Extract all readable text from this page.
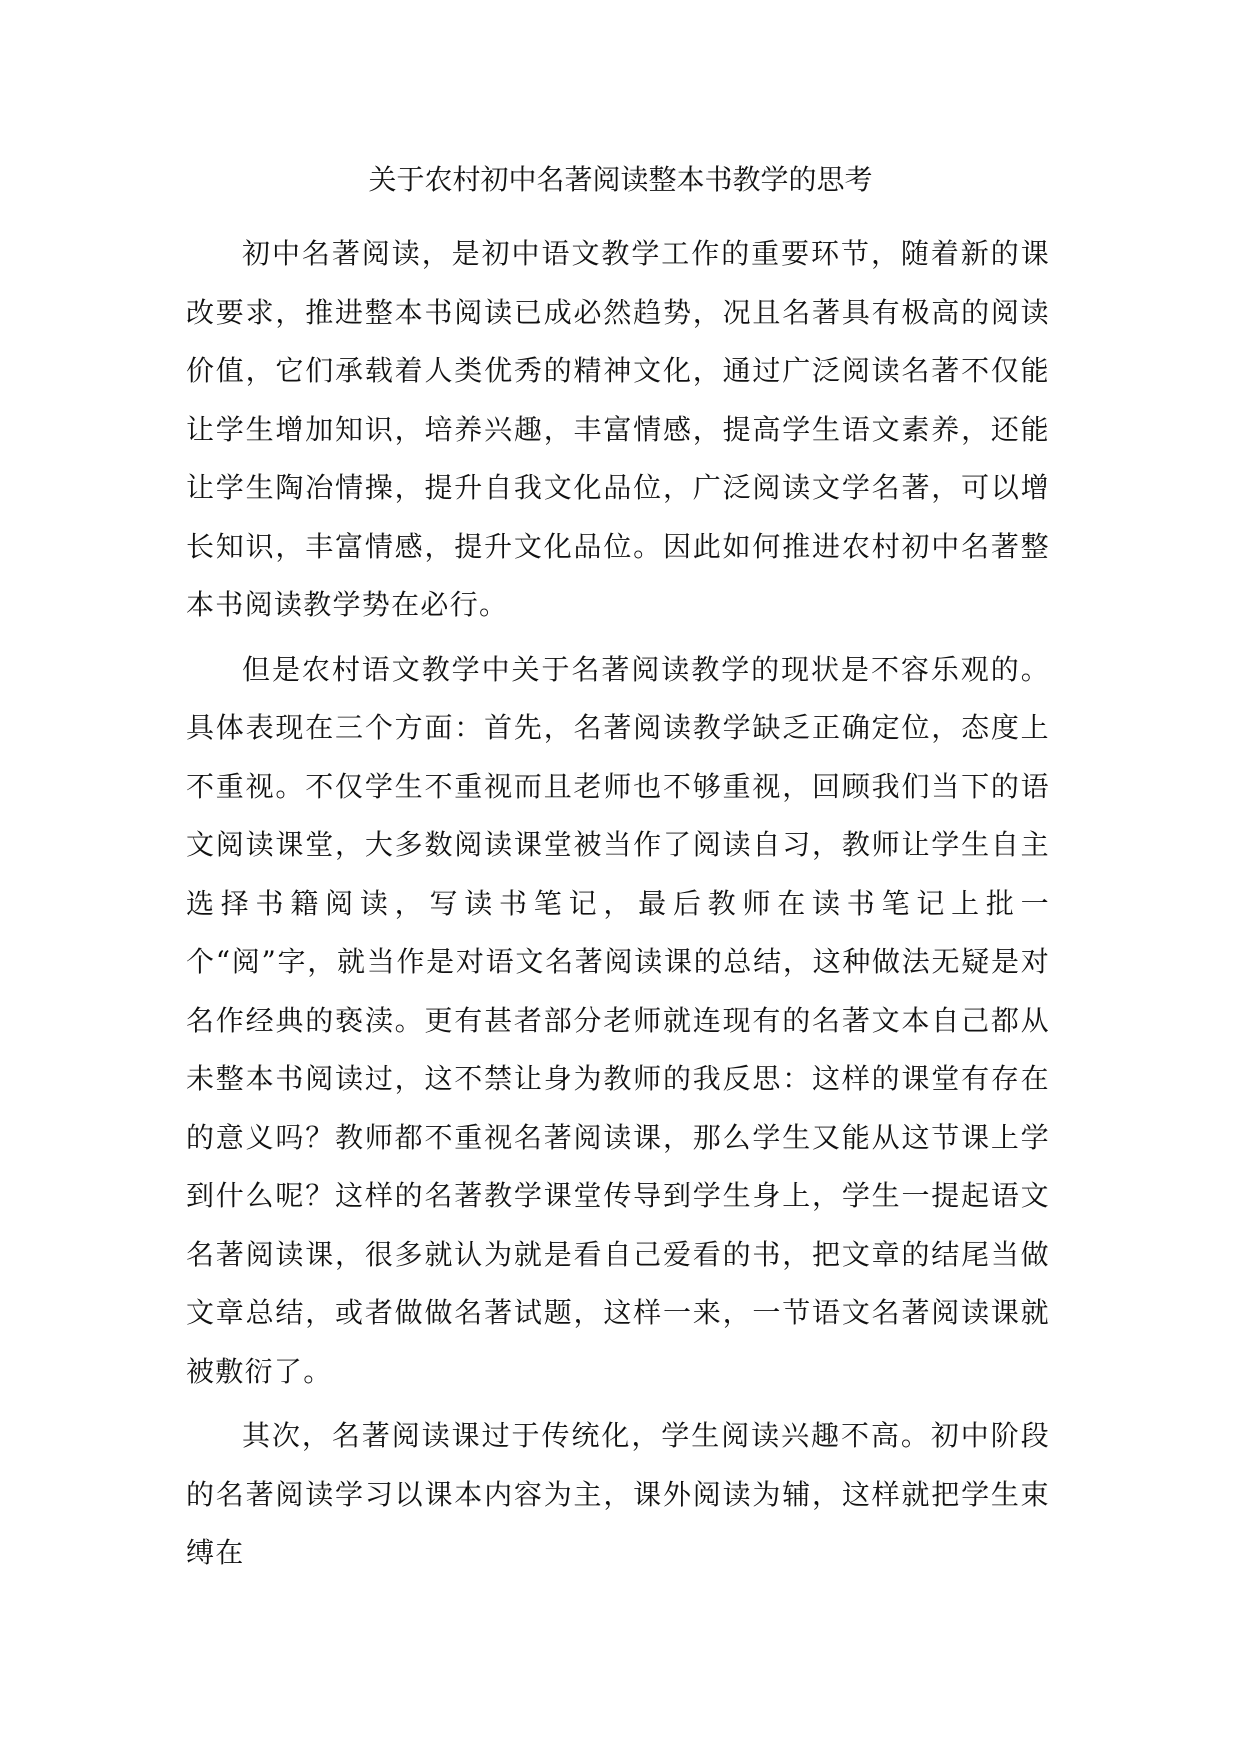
关于农村初中名著阅读整本书教学的思考

初中名著阅读，是初中语文教学工作的重要环节，随着新的课改要求，推进整本书阅读已成必然趋势，况且名著具有极高的阅读价值，它们承载着人类优秀的精神文化，通过广泛阅读名著不仅能让学生增加知识，培养兴趣，丰富情感，提高学生语文素养，还能让学生陶冶情操，提升自我文化品位，广泛阅读文学名著，可以增长知识，丰富情感，提升文化品位。因此如何推进农村初中名著整本书阅读教学势在必行。

但是农村语文教学中关于名著阅读教学的现状是不容乐观的。具体表现在三个方面：首先，名著阅读教学缺乏正确定位，态度上不重视。不仅学生不重视而且老师也不够重视，回顾我们当下的语文阅读课堂，大多数阅读课堂被当作了阅读自习，教师让学生自主选择书籍阅读，写读书笔记，最后教师在读书笔记上批一个“阅”字，就当作是对语文名著阅读课的总结，这种做法无疑是对名作经典的亵渎。更有甚者部分老师就连现有的名著文本自己都从未整本书阅读过，这不禁让身为教师的我反思：这样的课堂有存在的意义吗？教师都不重视名著阅读课，那么学生又能从这节课上学到什么呢？这样的名著教学课堂传导到学生身上，学生一提起语文名著阅读课，很多就认为就是看自己爱看的书，把文章的结尾当做文章总结，或者做做名著试题，这样一来，一节语文名著阅读课就被敷衍了。

其次，名著阅读课过于传统化，学生阅读兴趣不高。初中阶段的名著阅读学习以课本内容为主，课外阅读为辅，这样就把学生束缚在
